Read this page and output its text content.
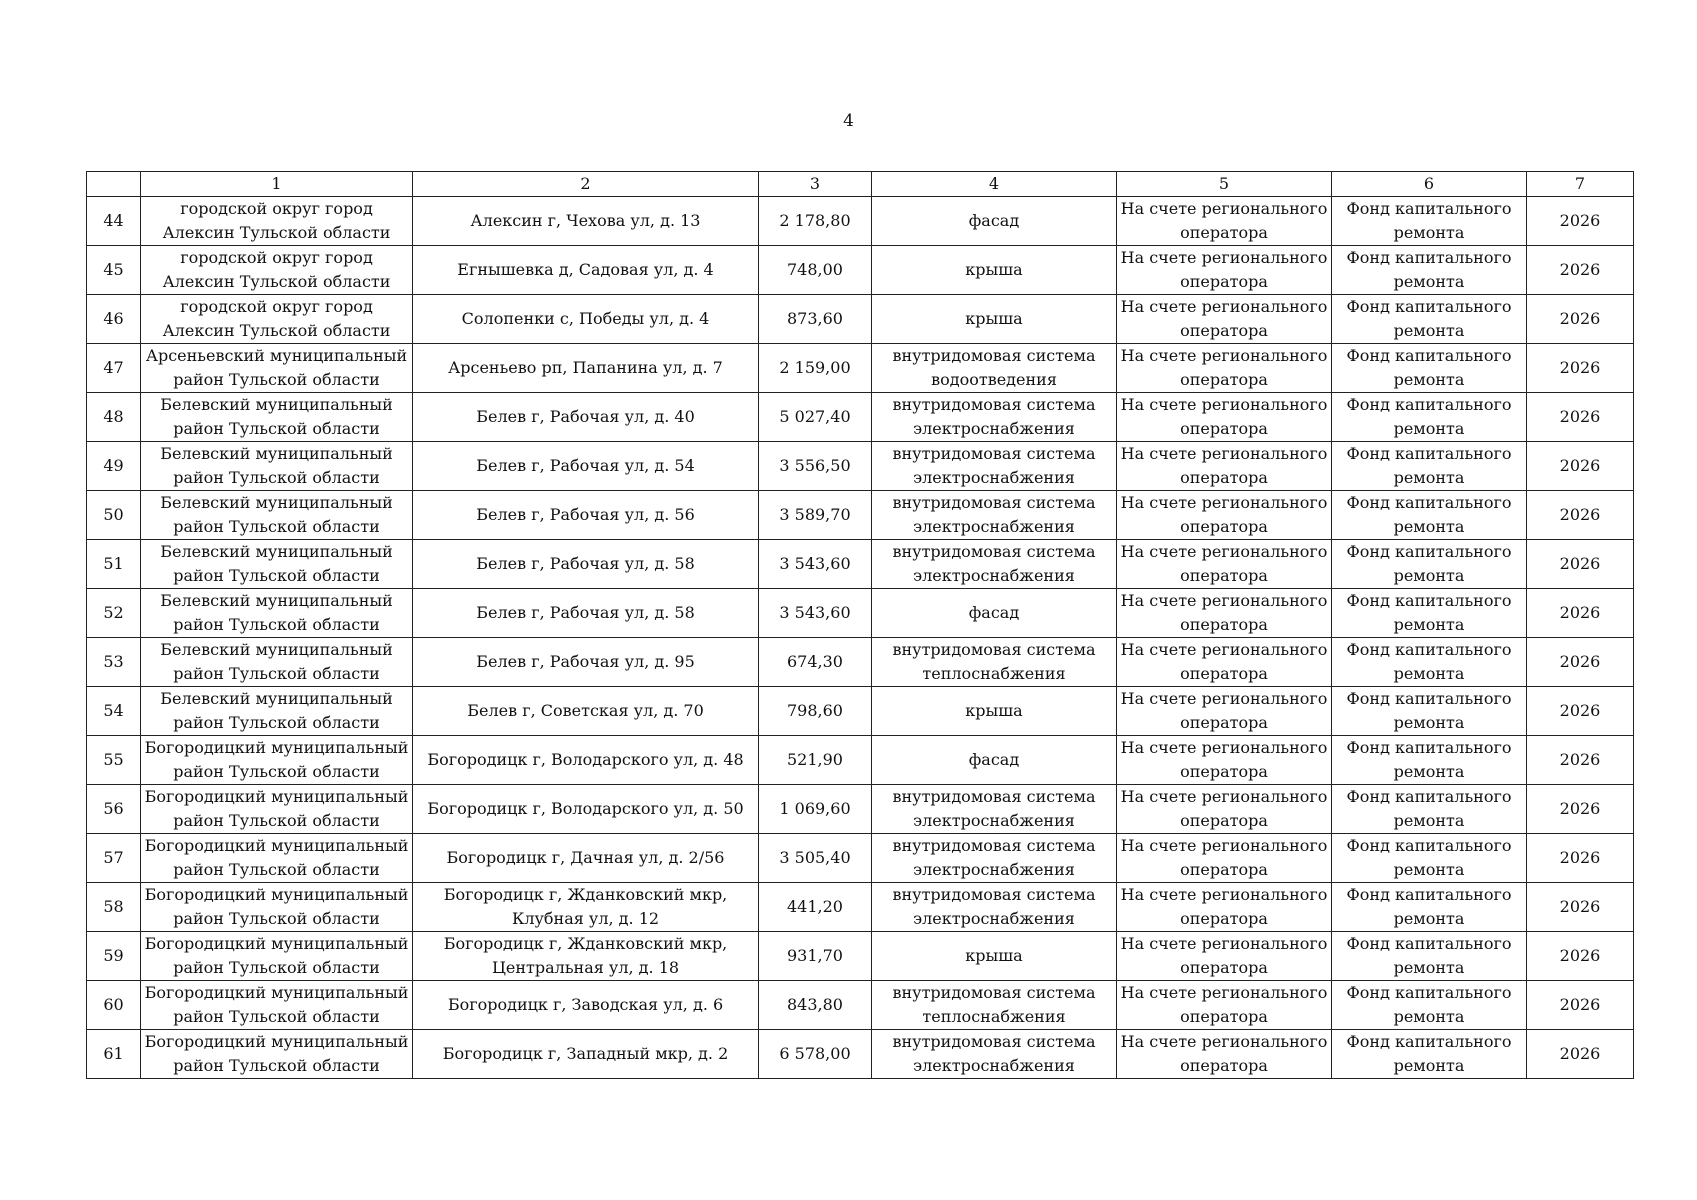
4
	1	2	3	4	5	6	7
44	городской округ город Алексин Тульской области	Алексин г, Чехова ул, д. 13	2 178,80	фасад	На счете регионального оператора	Фонд капитального ремонта	2026
45	городской округ город Алексин Тульской области	Егнышевка д, Садовая ул, д. 4	748,00	крыша	На счете регионального оператора	Фонд капитального ремонта	2026
46	городской округ город Алексин Тульской области	Солопенки с, Победы ул, д. 4	873,60	крыша	На счете регионального оператора	Фонд капитального ремонта	2026
47	Арсеньевский муниципальный район Тульской области	Арсеньево рп, Папанина ул, д. 7	2 159,00	внутридомовая система водоотведения	На счете регионального оператора	Фонд капитального ремонта	2026
48	Белевский муниципальный район Тульской области	Белев г, Рабочая ул, д. 40	5 027,40	внутридомовая система электроснабжения	На счете регионального оператора	Фонд капитального ремонта	2026
49	Белевский муниципальный район Тульской области	Белев г, Рабочая ул, д. 54	3 556,50	внутридомовая система электроснабжения	На счете регионального оператора	Фонд капитального ремонта	2026
50	Белевский муниципальный район Тульской области	Белев г, Рабочая ул, д. 56	3 589,70	внутридомовая система электроснабжения	На счете регионального оператора	Фонд капитального ремонта	2026
51	Белевский муниципальный район Тульской области	Белев г, Рабочая ул, д. 58	3 543,60	внутридомовая система электроснабжения	На счете регионального оператора	Фонд капитального ремонта	2026
52	Белевский муниципальный район Тульской области	Белев г, Рабочая ул, д. 58	3 543,60	фасад	На счете регионального оператора	Фонд капитального ремонта	2026
53	Белевский муниципальный район Тульской области	Белев г, Рабочая ул, д. 95	674,30	внутридомовая система теплоснабжения	На счете регионального оператора	Фонд капитального ремонта	2026
54	Белевский муниципальный район Тульской области	Белев г, Советская ул, д. 70	798,60	крыша	На счете регионального оператора	Фонд капитального ремонта	2026
55	Богородицкий муниципальный район Тульской области	Богородицк г, Володарского ул, д. 48	521,90	фасад	На счете регионального оператора	Фонд капитального ремонта	2026
56	Богородицкий муниципальный район Тульской области	Богородицк г, Володарского ул, д. 50	1 069,60	внутридомовая система электроснабжения	На счете регионального оператора	Фонд капитального ремонта	2026
57	Богородицкий муниципальный район Тульской области	Богородицк г, Дачная ул, д. 2/56	3 505,40	внутридомовая система электроснабжения	На счете регионального оператора	Фонд капитального ремонта	2026
58	Богородицкий муниципальный район Тульской области	Богородицк г, Жданковский мкр, Клубная ул, д. 12	441,20	внутридомовая система электроснабжения	На счете регионального оператора	Фонд капитального ремонта	2026
59	Богородицкий муниципальный район Тульской области	Богородицк г, Жданковский мкр, Центральная ул, д. 18	931,70	крыша	На счете регионального оператора	Фонд капитального ремонта	2026
60	Богородицкий муниципальный район Тульской области	Богородицк г, Заводская ул, д. 6	843,80	внутридомовая система теплоснабжения	На счете регионального оператора	Фонд капитального ремонта	2026
61	Богородицкий муниципальный район Тульской области	Богородицк г, Западный мкр, д. 2	6 578,00	внутридомовая система электроснабжения	На счете регионального оператора	Фонд капитального ремонта	2026
